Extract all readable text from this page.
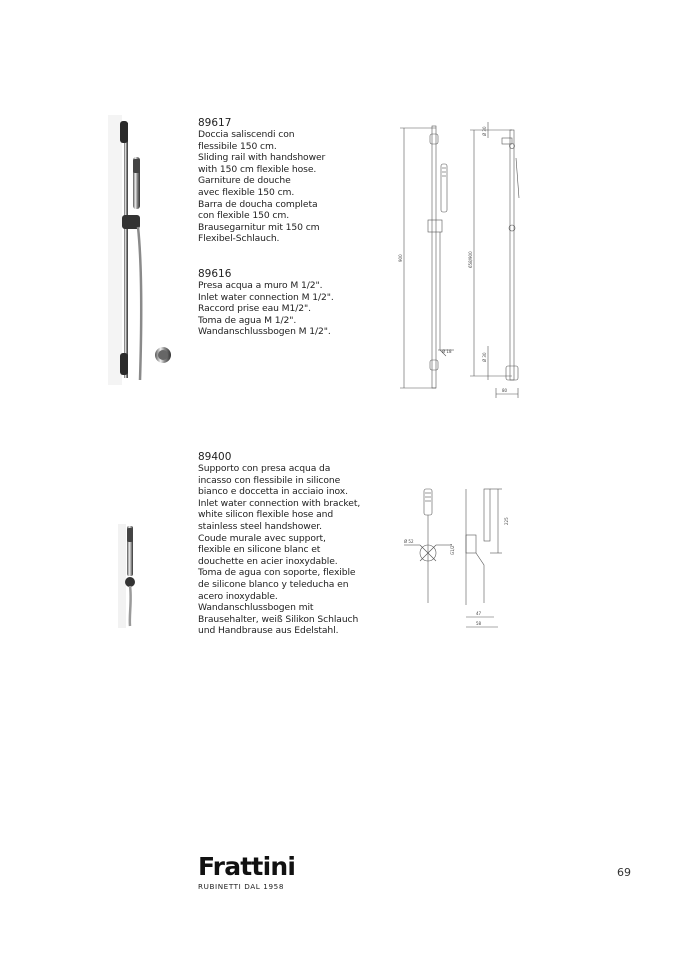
89617

Doccia saliscendi con
flessibile 150 cm.
Sliding rail with handshower
with 150 cm flexible hose.
Garniture de douche
avec flexible 150 cm.
Barra de doucha completa
con flexible 150 cm.
Brausegarnitur mit 150 cm
Flexibel-Schlauch.

89616

Presa acqua a muro M 1/2".
Inlet water connection M 1/2".
Raccord prise eau M1/2".
Toma de agua M 1/2".
Wandanschlussbogen M 1/2".

900
Ø 18
Ø 30
658/900
Ø 30
80

89400

Supporto con presa acqua da
incasso con flessibile in silicone
bianco e doccetta in acciaio inox.
Inlet water connection with bracket,
white silicon flexible hose and
stainless steel handshower.
Coude murale avec support,
flexible en silicone blanc et
douchette en acier inoxydable.
Toma de agua con soporte, flexible
de silicone blanco y teleducha en
acero inoxydable.
Wandanschlussbogen mit
Brausehalter, weiß Silikon Schlauch
und Handbrause aus Edelstahl.

Ø 52
G1/2"
225
47
58
Frattini
RUBINETTI DAL 1958
69
